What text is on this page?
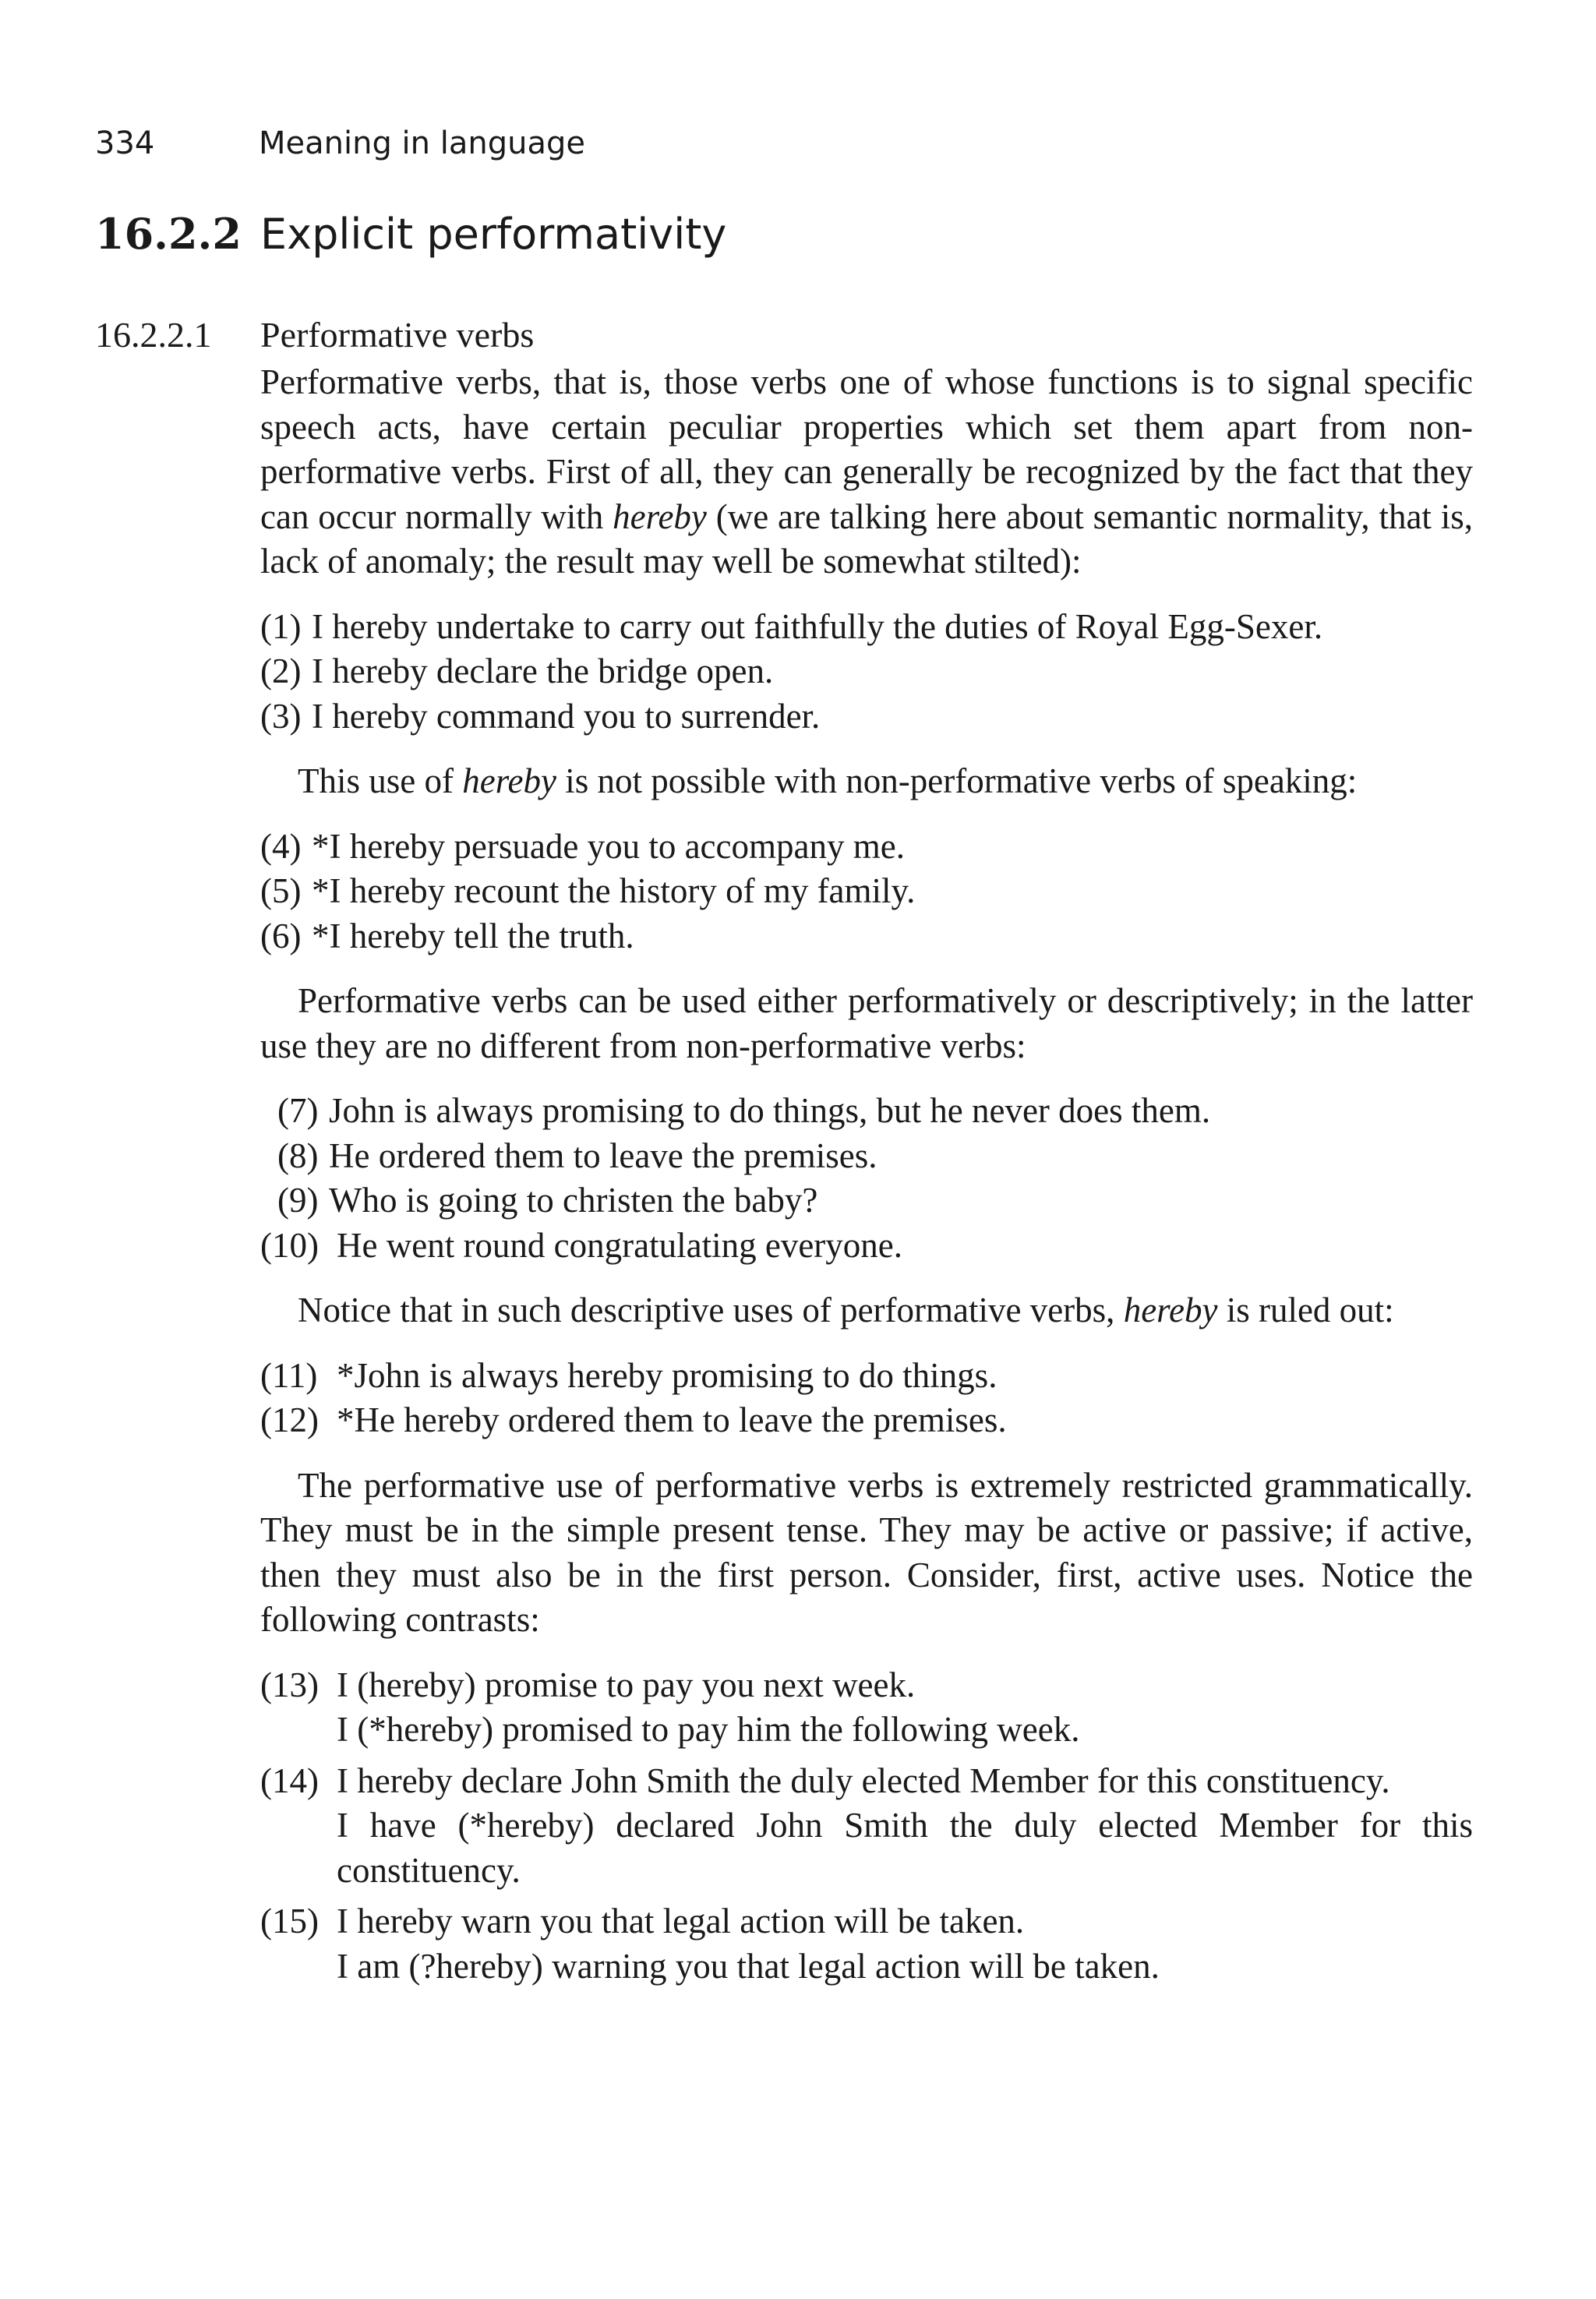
334	Meaning in language
16.2.2 Explicit performativity
16.2.2.1 Performative verbs

Performative verbs, that is, those verbs one of whose functions is to signal specific speech acts, have certain peculiar properties which set them apart from non-performative verbs. First of all, they can generally be recognized by the fact that they can occur normally with hereby (we are talking here about semantic normality, that is, lack of anomaly; the result may well be somewhat stilted):

(1) I hereby undertake to carry out faithfully the duties of Royal Egg-Sexer.
(2) I hereby declare the bridge open.
(3) I hereby command you to surrender.

This use of hereby is not possible with non-performative verbs of speaking:

(4) *I hereby persuade you to accompany me.
(5) *I hereby recount the history of my family.
(6) *I hereby tell the truth.

Performative verbs can be used either performatively or descriptively; in the latter use they are no different from non-performative verbs:

(7) John is always promising to do things, but he never does them.
(8) He ordered them to leave the premises.
(9) Who is going to christen the baby?
(10) He went round congratulating everyone.

Notice that in such descriptive uses of performative verbs, hereby is ruled out:

(11) *John is always hereby promising to do things.
(12) *He hereby ordered them to leave the premises.

The performative use of performative verbs is extremely restricted grammatically. They must be in the simple present tense. They may be active or passive; if active, then they must also be in the first person. Consider, first, active uses. Notice the following contrasts:

(13) I (hereby) promise to pay you next week.
I (*hereby) promised to pay him the following week.
(14) I hereby declare John Smith the duly elected Member for this constituency.
I have (*hereby) declared John Smith the duly elected Member for this constituency.
(15) I hereby warn you that legal action will be taken.
I am (?hereby) warning you that legal action will be taken.
